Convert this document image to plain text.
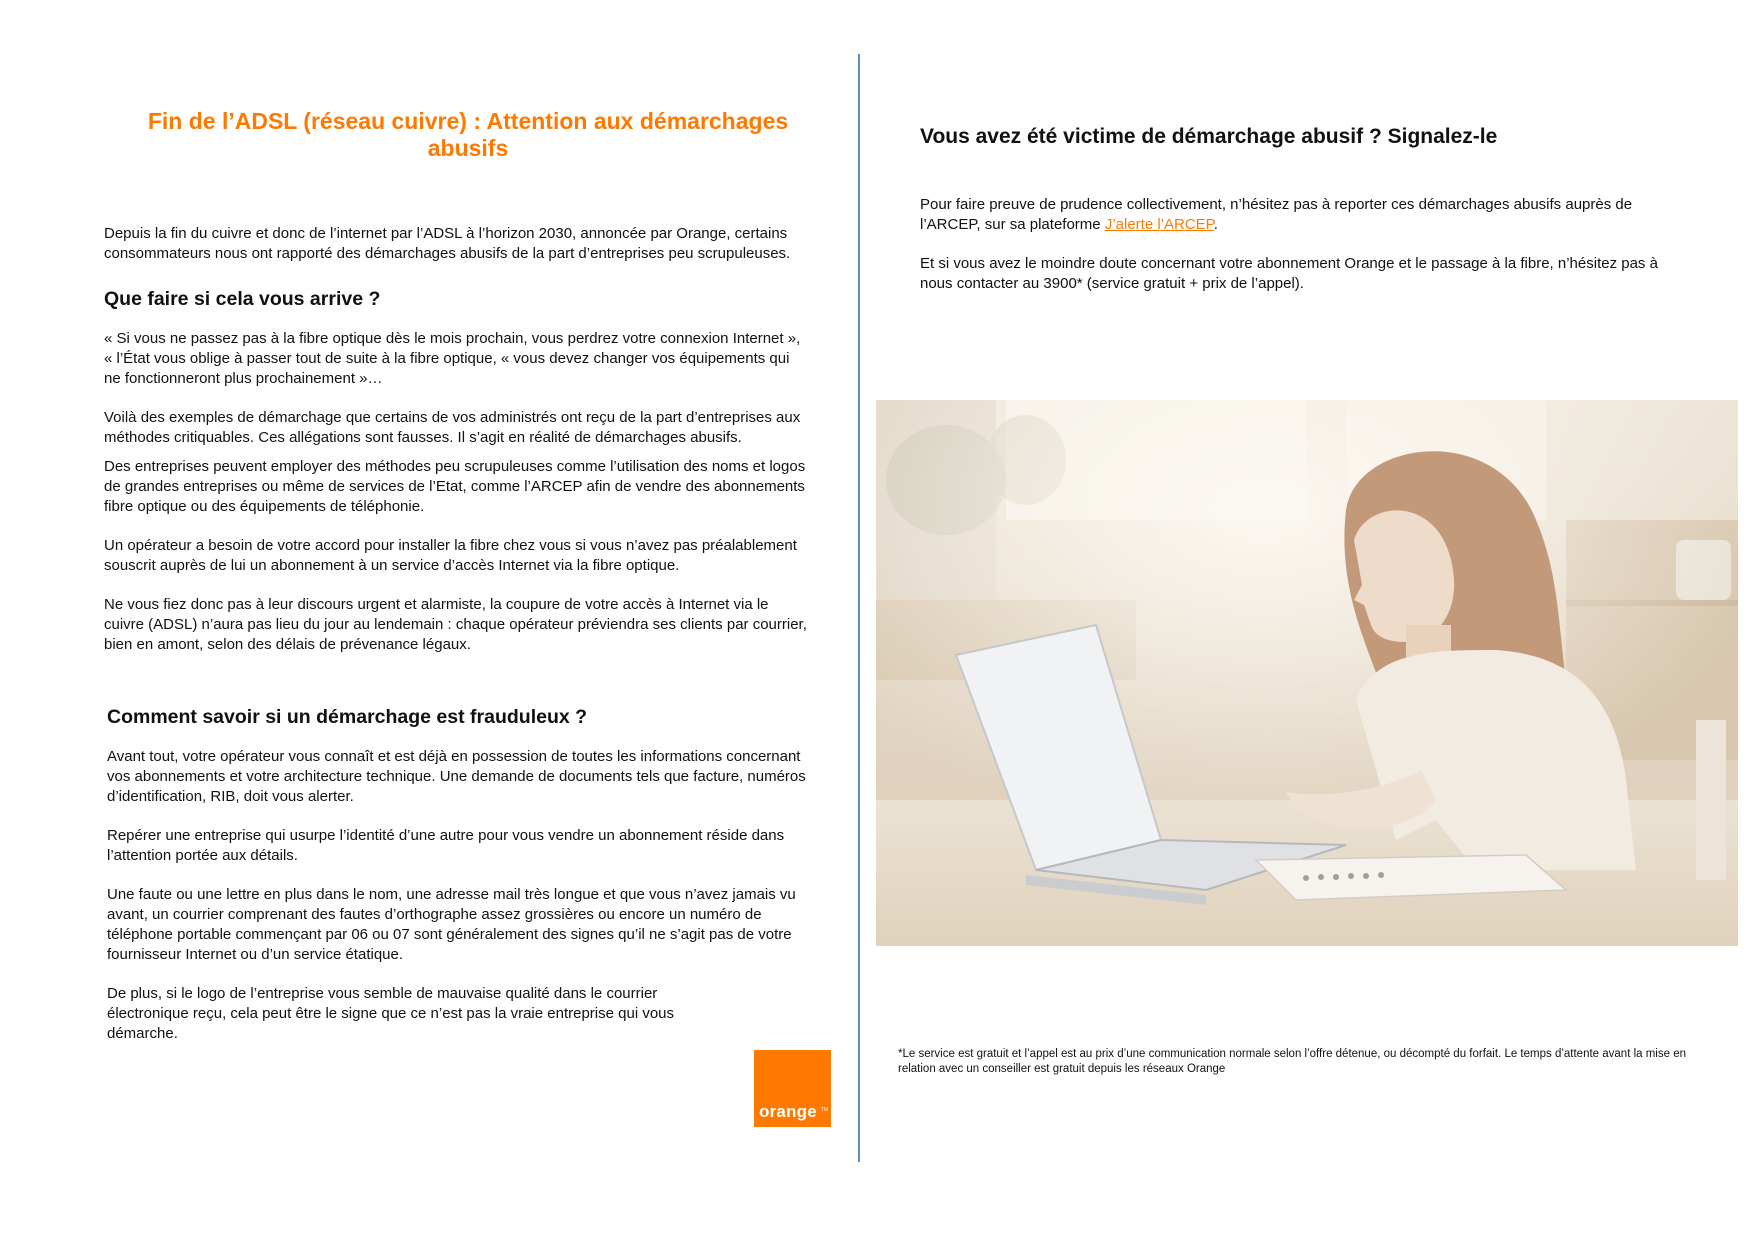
Fin de l’ADSL (réseau cuivre) : Attention aux démarchages abusifs

Depuis la fin du cuivre et donc de l’internet par l’ADSL à l’horizon 2030, annoncée par Orange, certains consommateurs nous ont rapporté des démarchages abusifs de la part d’entreprises peu scrupuleuses.

Que faire si cela vous arrive ?

« Si vous ne passez pas à la fibre optique dès le mois prochain, vous perdrez votre connexion Internet », « l’État vous oblige à passer tout de suite à la fibre optique, « vous devez changer vos équipements qui ne fonctionneront plus prochainement »…

Voilà des exemples de démarchage que certains de vos administrés ont reçu de la part d’entreprises aux méthodes critiquables. Ces allégations sont fausses. Il s’agit en réalité de démarchages abusifs.

Des entreprises peuvent employer des méthodes peu scrupuleuses comme l’utilisation des noms et logos de grandes entreprises ou même de services de l’Etat, comme l’ARCEP afin de vendre des abonnements fibre optique ou des équipements de téléphonie.

Un opérateur a besoin de votre accord pour installer la fibre chez vous si vous n’avez pas préalablement souscrit auprès de lui un abonnement à un service d’accès Internet via la fibre optique.

Ne vous fiez donc pas à leur discours urgent et alarmiste, la coupure de votre accès à Internet via le cuivre (ADSL) n’aura pas lieu du jour au lendemain : chaque opérateur préviendra ses clients par courrier, bien en amont, selon des délais de prévenance légaux.

Comment savoir si un démarchage est frauduleux ?

Avant tout, votre opérateur vous connaît et est déjà en possession de toutes les informations concernant vos abonnements et votre architecture technique. Une demande de documents tels que facture, numéros d’identification, RIB, doit vous alerter.

Repérer une entreprise qui usurpe l’identité d’une autre pour vous vendre un abonnement réside dans l’attention portée aux détails.

Une faute ou une lettre en plus dans le nom, une adresse mail très longue et que vous n’avez jamais vu avant, un courrier comprenant des fautes d’orthographe assez grossières ou encore un numéro de téléphone portable commençant par 06 ou 07 sont généralement des signes qu’il ne s’agit pas de votre fournisseur Internet ou d’un service étatique.

De plus, si le logo de l’entreprise vous semble de mauvaise qualité dans le courrier électronique reçu, cela peut être le signe que ce n’est pas la vraie entreprise qui vous démarche.

orange TM
Vous avez été victime de démarchage abusif ? Signalez-le

Pour faire preuve de prudence collectivement, n’hésitez pas à reporter ces démarchages abusifs auprès de l’ARCEP, sur sa plateforme J’alerte l’ARCEP.

Et si vous avez le moindre doute concernant votre abonnement Orange et le passage à la fibre, n’hésitez pas à nous contacter au 3900* (service gratuit + prix de l’appel).

*Le service est gratuit et l’appel est au prix d’une communication normale selon l’offre détenue, ou décompté du forfait. Le temps d’attente avant la mise en relation avec un conseiller est gratuit depuis les réseaux Orange
